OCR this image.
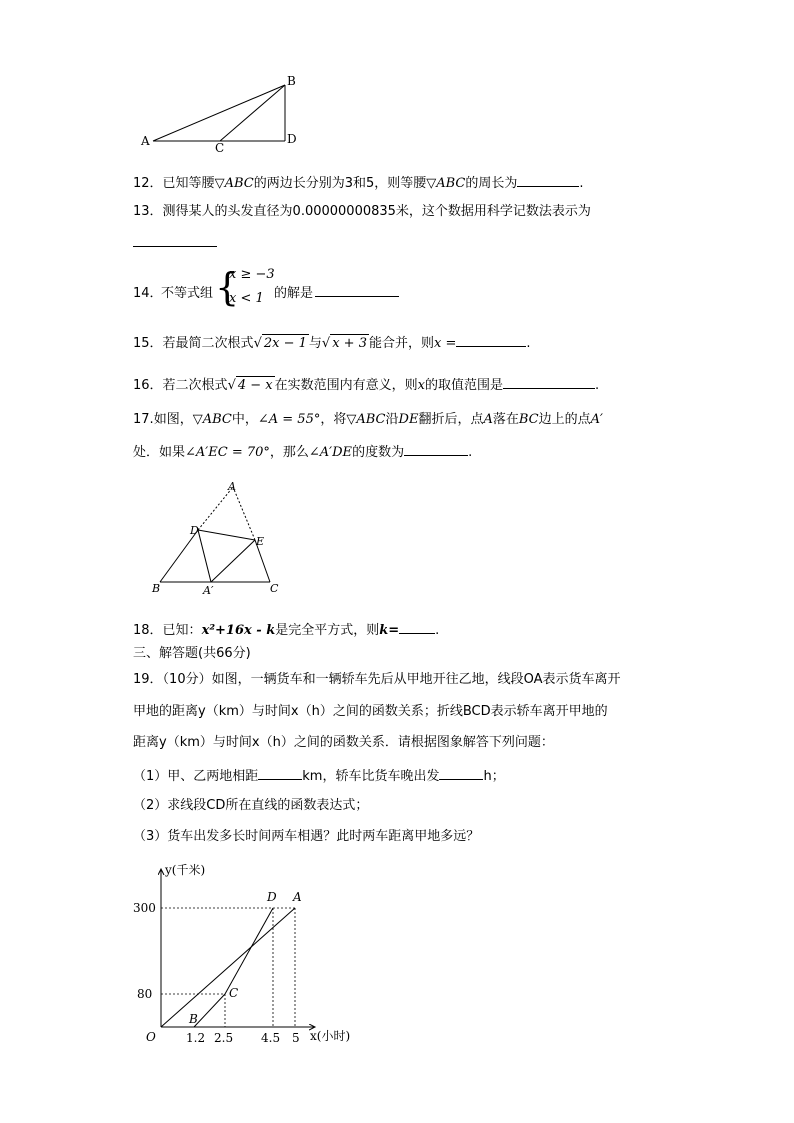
A
B
C
D
12．已知等腰▽ABC的两边长分别为3和5，则等腰▽ABC的周长为	.
13．测得某人的头发直径为0.00000000835米，这个数据用科学记数法表示为
14．
不等式组 {
x ≥ −3
x < 1 的解是
15．若最简二次根式√ 2x − 1 与√ x + 3 能合并，则x =	.
16．若二次根式√ 4 − x 在实数范围内有意义，则x的取值范围是	.
17.如图，▽ABC中，∠A = 55°，将▽ABC沿DE翻折后，点A落在BC边上的点A′
处．如果∠A′EC = 70°，那么∠A′DE的度数为	.
A
D
E
B	A′	C
18．已知：x²+16x - k是完全平方式，则k=	.
三、解答题(共66分)
19．（10分）如图，一辆货车和一辆轿车先后从甲地开往乙地，线段OA表示货车离开
甲地的距离y（km）与时间x（h）之间的函数关系；折线BCD表示轿车离开甲地的
距离y（km）与时间x（h）之间的函数关系．请根据图象解答下列问题：
（1）甲、乙两地相距	km，轿车比货车晚出发	h；
（2）求线段CD所在直线的函数表达式；
（3）货车出发多长时间两车相遇？此时两车距离甲地多远？
y(千米)
x(小时)
300
80
O	1.2 2.5 4.5 5
D A
C
B
